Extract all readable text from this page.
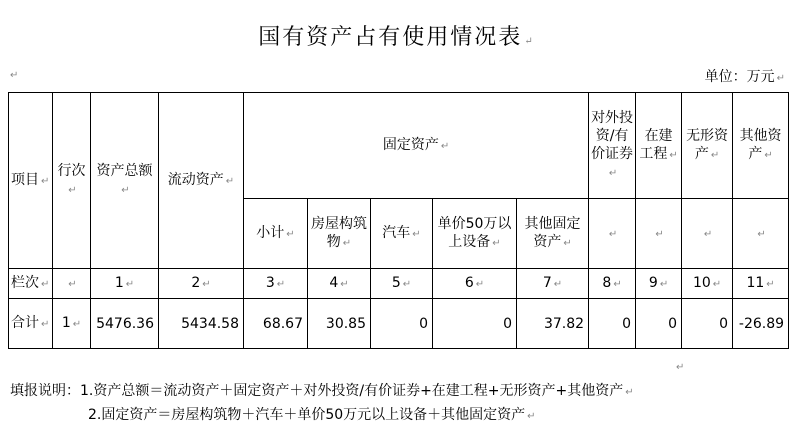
国有资产占有使用情况表 ↵
↵	单位：万元 ↵
项目 ↵	行次↵	资产总额↵	流动资产 ↵	固定资产 ↵					对外投资/有价证券↵	在建工程 ↵	无形资产 ↵	其他资产 ↵
				小计 ↵	房屋构筑物 ↵	汽车 ↵	单价50万以上设备 ↵	其他固定资产 ↵	↵	↵	↵	↵
栏次 ↵	↵	1 ↵	2 ↵	3 ↵	4 ↵	5 ↵	6 ↵	7 ↵	8 ↵	9 ↵	10 ↵	11 ↵
合计 ↵	1 ↵	5476.36	5434.58	68.67	30.85	0	0	37.82	0	0	0	-26.89
↵
填报说明：1.资产总额＝流动资产＋固定资产＋对外投资/有价证券+在建工程+无形资产+其他资产 ↵
2.固定资产＝房屋构筑物＋汽车＋单价50万元以上设备＋其他固定资产 ↵
